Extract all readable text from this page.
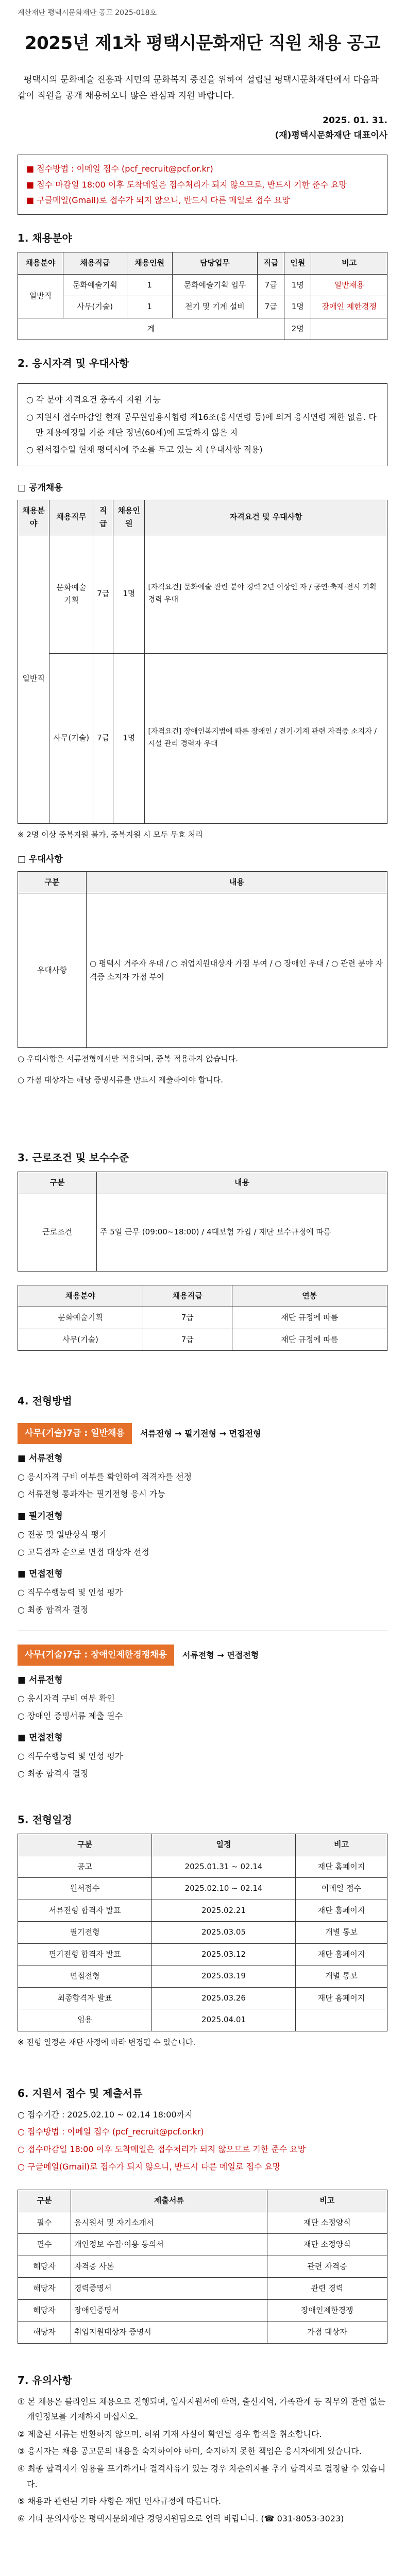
계산재단 평택시문화재단 공고 2025-018호
2025년 제1차 평택시문화재단 직원 채용 공고
평택시의 문화예술 진흥과 시민의 문화복지 증진을 위하여 설립된 평택시문화재단에서 다음과 같이 직원을 공개 채용하오니 많은 관심과 지원 바랍니다.
2025. 01. 31.
(재)평택시문화재단 대표이사
■ 접수방법 : 이메일 접수 (pcf_recruit@pcf.or.kr)
■ 접수 마감일 18:00 이후 도착메일은 접수처리가 되지 않으므로, 반드시 기한 준수 요망
■ 구글메일(Gmail)로 접수가 되지 않으니, 반드시 다른 메일로 접수 요망
1. 채용분야
채용분야	채용직급	채용인원	담당업무	직급	인원	비고
일반직	문화예술기획	1	문화예술기획 업무	7급	1명	일반채용
	사무(기술)	1	전기 및 기계 설비	7급	1명	장애인 제한경쟁
계					2명	
2. 응시자격 및 우대사항
○ 각 분야 자격요건 충족자 지원 가능
○ 지원서 접수마감일 현재 공무원임용시험령 제16조(응시연령 등)에 의거 응시연령 제한 없음. 다만 채용예정일 기준 재단 정년(60세)에 도달하지 않은 자
○ 원서접수일 현재 평택시에 주소를 두고 있는 자 (우대사항 적용)
□ 공개채용
채용분야	채용직무	직급	채용인원	자격요건 및 우대사항
일반직	문화예술기획	7급	1명	[자격요건] 문화예술 관련 분야 경력 2년 이상인 자 / 공연·축제·전시 기획 경력 우대
	사무(기술)	7급	1명	[자격요건] 장애인복지법에 따른 장애인 / 전기·기계 관련 자격증 소지자 / 시설 관리 경력자 우대
※ 2명 이상 중복지원 불가, 중복지원 시 모두 무효 처리
□ 우대사항
구분	내용
우대사항	○ 평택시 거주자 우대 / ○ 취업지원대상자 가점 부여 / ○ 장애인 우대 / ○ 관련 분야 자격증 소지자 가점 부여
○ 우대사항은 서류전형에서만 적용되며, 중복 적용하지 않습니다.
○ 가점 대상자는 해당 증빙서류를 반드시 제출하여야 합니다.
3. 근로조건 및 보수수준
구분	내용
근로조건	주 5일 근무 (09:00~18:00) / 4대보험 가입 / 재단 보수규정에 따름
채용분야	채용직급	연봉
문화예술기획	7급	재단 규정에 따름
사무(기술)	7급	재단 규정에 따름
4. 전형방법
사무(기술)7급 : 일반채용	서류전형 → 필기전형 → 면접전형
■ 서류전형
○ 응시자격 구비 여부를 확인하여 적격자를 선정
○ 서류전형 통과자는 필기전형 응시 가능
■ 필기전형
○ 전공 및 일반상식 평가
○ 고득점자 순으로 면접 대상자 선정
■ 면접전형
○ 직무수행능력 및 인성 평가
○ 최종 합격자 결정
사무(기술)7급 : 장애인제한경쟁채용	서류전형 → 면접전형
■ 서류전형
○ 응시자격 구비 여부 확인
○ 장애인 증빙서류 제출 필수
■ 면접전형
○ 직무수행능력 및 인성 평가
○ 최종 합격자 결정
5. 전형일정
구분	일정	비고
공고	2025.01.31 ~ 02.14	재단 홈페이지
원서접수	2025.02.10 ~ 02.14	이메일 접수
서류전형 합격자 발표	2025.02.21	재단 홈페이지
필기전형	2025.03.05	개별 통보
필기전형 합격자 발표	2025.03.12	재단 홈페이지
면접전형	2025.03.19	개별 통보
최종합격자 발표	2025.03.26	재단 홈페이지
임용	2025.04.01	
※ 전형 일정은 재단 사정에 따라 변경될 수 있습니다.
6. 지원서 접수 및 제출서류
○ 접수기간 : 2025.02.10 ~ 02.14 18:00까지
○ 접수방법 : 이메일 접수 (pcf_recruit@pcf.or.kr)
○ 접수마감일 18:00 이후 도착메일은 접수처리가 되지 않으므로 기한 준수 요망
○ 구글메일(Gmail)로 접수가 되지 않으니, 반드시 다른 메일로 접수 요망
구분	제출서류	비고
필수	응시원서 및 자기소개서	재단 소정양식
필수	개인정보 수집·이용 동의서	재단 소정양식
해당자	자격증 사본	관련 자격증
해당자	경력증명서	관련 경력
해당자	장애인증명서	장애인제한경쟁
해당자	취업지원대상자 증명서	가점 대상자
7. 유의사항
① 본 채용은 블라인드 채용으로 진행되며, 입사지원서에 학력, 출신지역, 가족관계 등 직무와 관련 없는 개인정보를 기재하지 마십시오.
② 제출된 서류는 반환하지 않으며, 허위 기재 사실이 확인될 경우 합격을 취소합니다.
③ 응시자는 채용 공고문의 내용을 숙지하여야 하며, 숙지하지 못한 책임은 응시자에게 있습니다.
④ 최종 합격자가 임용을 포기하거나 결격사유가 있는 경우 차순위자를 추가 합격자로 결정할 수 있습니다.
⑤ 채용과 관련된 기타 사항은 재단 인사규정에 따릅니다.
⑥ 기타 문의사항은 평택시문화재단 경영지원팀으로 연락 바랍니다. (☎ 031-8053-3023)
